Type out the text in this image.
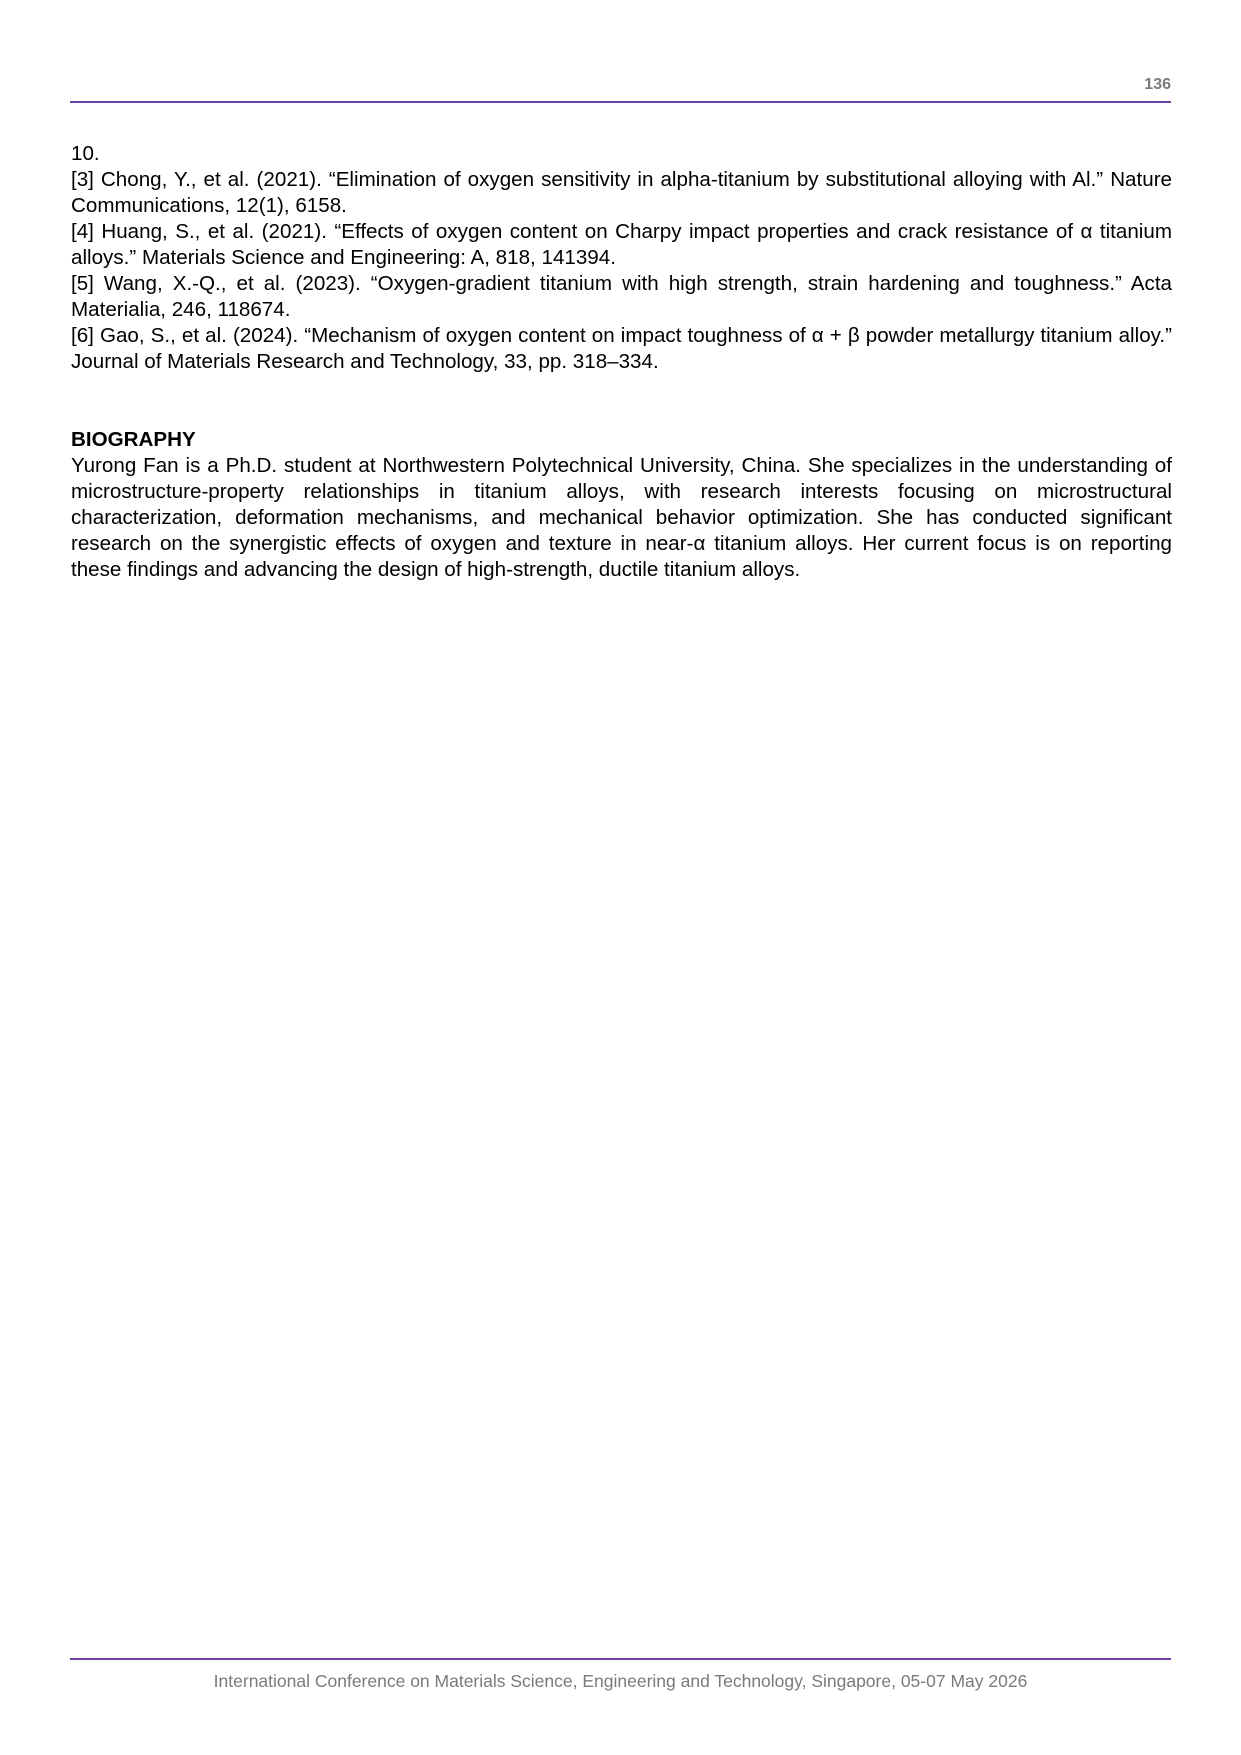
136

10.

[3] Chong, Y., et al. (2021). “Elimination of oxygen sensitivity in alpha-titanium by substitutional alloying with Al.” Nature Communications, 12(1), 6158.

[4] Huang, S., et al. (2021). “Effects of oxygen content on Charpy impact properties and crack resistance of α titanium alloys.” Materials Science and Engineering: A, 818, 141394.

[5] Wang, X.-Q., et al. (2023). “Oxygen-gradient titanium with high strength, strain hardening and toughness.” Acta Materialia, 246, 118674.

[6] Gao, S., et al. (2024). “Mechanism of oxygen content on impact toughness of α + β powder metallurgy titanium alloy.” Journal of Materials Research and Technology, 33, pp. 318–334.

BIOGRAPHY

Yurong Fan is a Ph.D. student at Northwestern Polytechnical University, China. She specializes in the understanding of microstructure-property relationships in titanium alloys, with research interests focusing on microstructural characterization, deformation mechanisms, and mechanical behavior optimization. She has conducted significant research on the synergistic effects of oxygen and texture in near-α titanium alloys. Her current focus is on reporting these findings and advancing the design of high-strength, ductile titanium alloys.

International Conference on Materials Science, Engineering and Technology, Singapore, 05-07 May 2026
